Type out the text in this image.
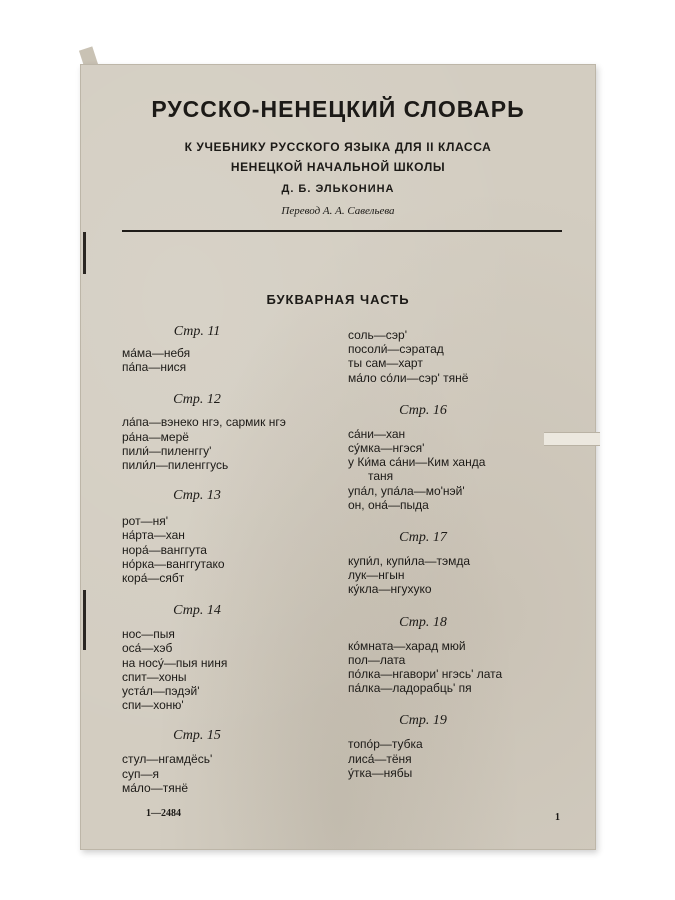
РУССКО-НЕНЕЦКИЙ СЛОВАРЬ
К УЧЕБНИКУ РУССКОГО ЯЗЫКА ДЛЯ II КЛАССА
НЕНЕЦКОЙ НАЧАЛЬНОЙ ШКОЛЫ
Д. Б. ЭЛЬКОНИНА
Перевод А. А. Савельева
БУКВАРНАЯ ЧАСТЬ
Стр. 11
ма́ма—небя
па́па—нися
Стр. 12
ла́па—вэнеко нгэ, сармик нгэ
ра́на—мерё
пили́—пиленггу'
пили́л—пиленггусь
Стр. 13
рот—ня'
на́рта—хан
нора́—ванггута
но́рка—ванггутако
кора́—сябт
Стр. 14
нос—пыя
оса́—хэб
на носу́—пыя ниня
спит—хоны
уста́л—пэдэй'
спи—хоню'
Стр. 15
стул—нгамдёсь'
суп—я
ма́ло—тянё
соль—сэр'
посоли́—сэратад
ты сам—харт
ма́ло со́ли—сэр' тянё
Стр. 16
са́ни—хан
су́мка—нгэся'
у Ки́ма са́ни—Ким ханда
таня
упа́л, упа́ла—мо'нэй'
он, она́—пыда
Стр. 17
купи́л, купи́ла—тэмда
лук—нгын
ку́кла—нгухуко
Стр. 18
ко́мната—харад мюй
пол—лата
по́лка—нгавори' нгэсь' лата
па́лка—ладорабць' пя
Стр. 19
топо́р—тубка
лиса́—тёня
у́тка—нябы
1—2484	1
